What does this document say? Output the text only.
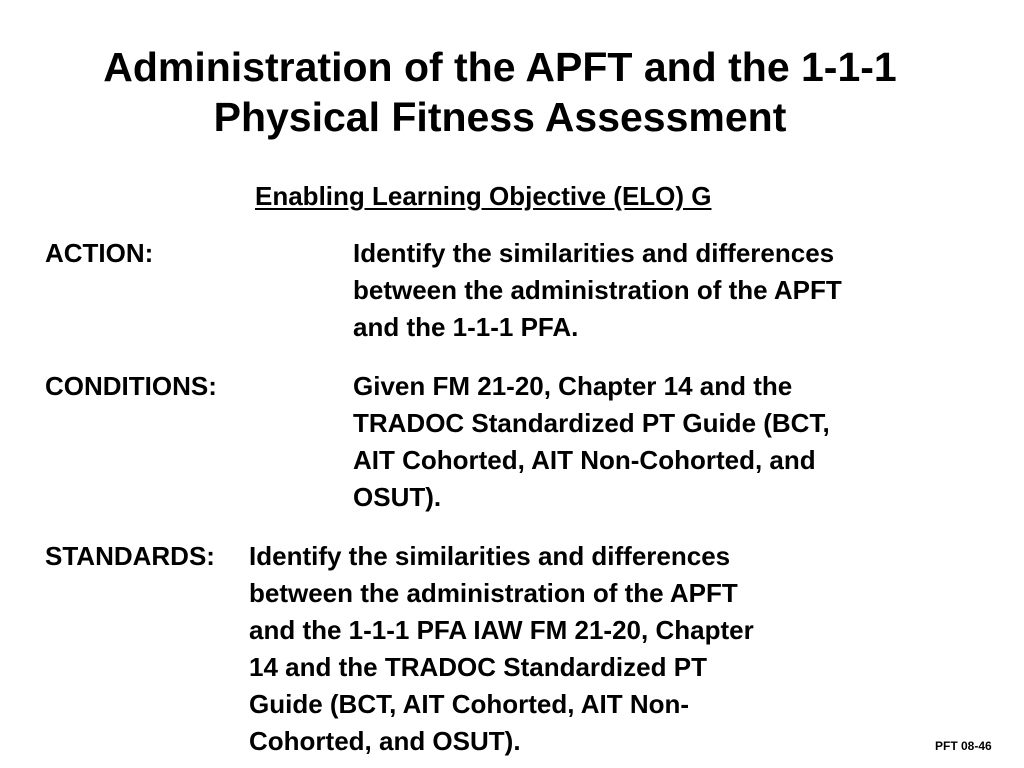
Administration of the APFT and the 1-1-1
Physical Fitness Assessment

Enabling Learning Objective (ELO) G

ACTION:	Identify the similarities and differences
between the administration of the APFT
and the 1-1-1 PFA.

CONDITIONS:	Given FM 21-20, Chapter 14 and the
TRADOC Standardized PT Guide (BCT,
AIT Cohorted, AIT Non-Cohorted, and
OSUT).

STANDARDS: Identify the similarities and differences
between the administration of the APFT
and the 1-1-1 PFA IAW FM 21-20, Chapter
14 and the TRADOC Standardized PT
Guide (BCT, AIT Cohorted, AIT Non-
Cohorted, and OSUT).	PFT 08-46
